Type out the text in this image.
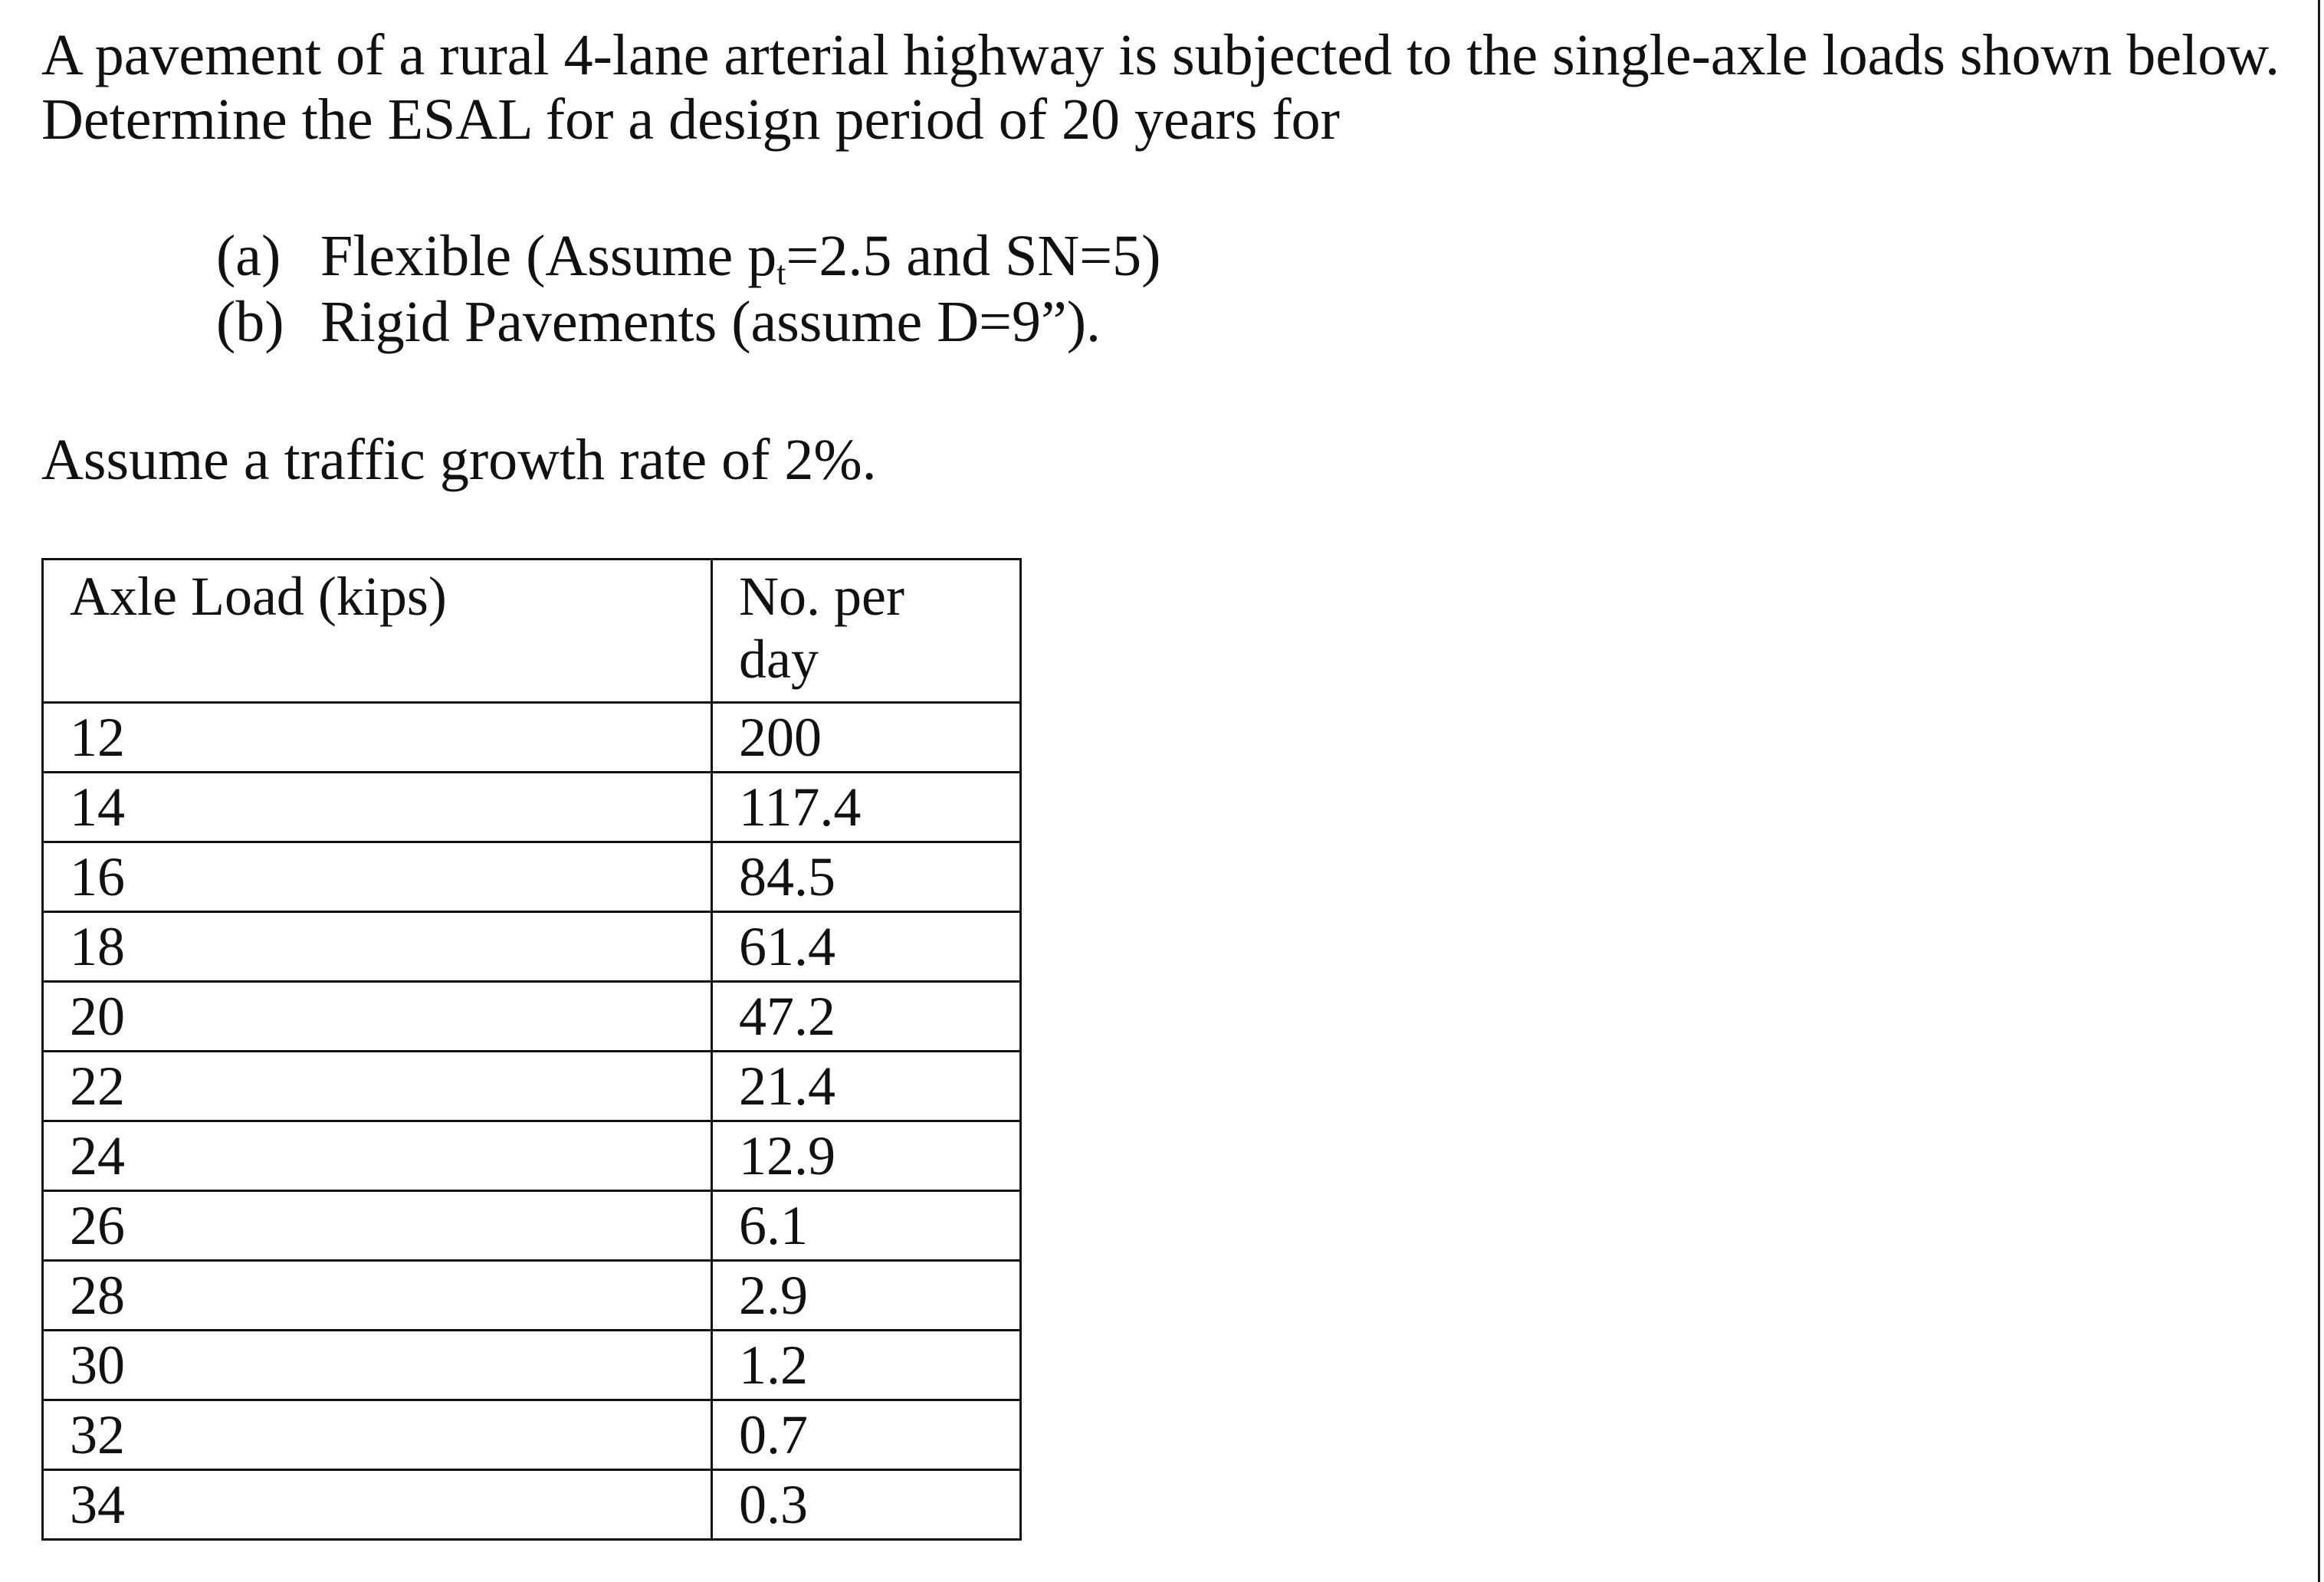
A pavement of a rural 4-lane arterial highway is subjected to the single-axle loads shown below.

Determine the ESAL for a design period of 20 years for

(a) Flexible (Assume $p_t=2.5$ and SN=5)
(b) Rigid Pavements (assume D=9”).

Assume a traffic growth rate of 2%.

Axle Load (kips)	No. per
day
12	200
14	117.4
16	84.5
18	61.4
20	47.2
22	21.4
24	12.9
26	6.1
28	2.9
30	1.2
32	0.7
34	0.3
